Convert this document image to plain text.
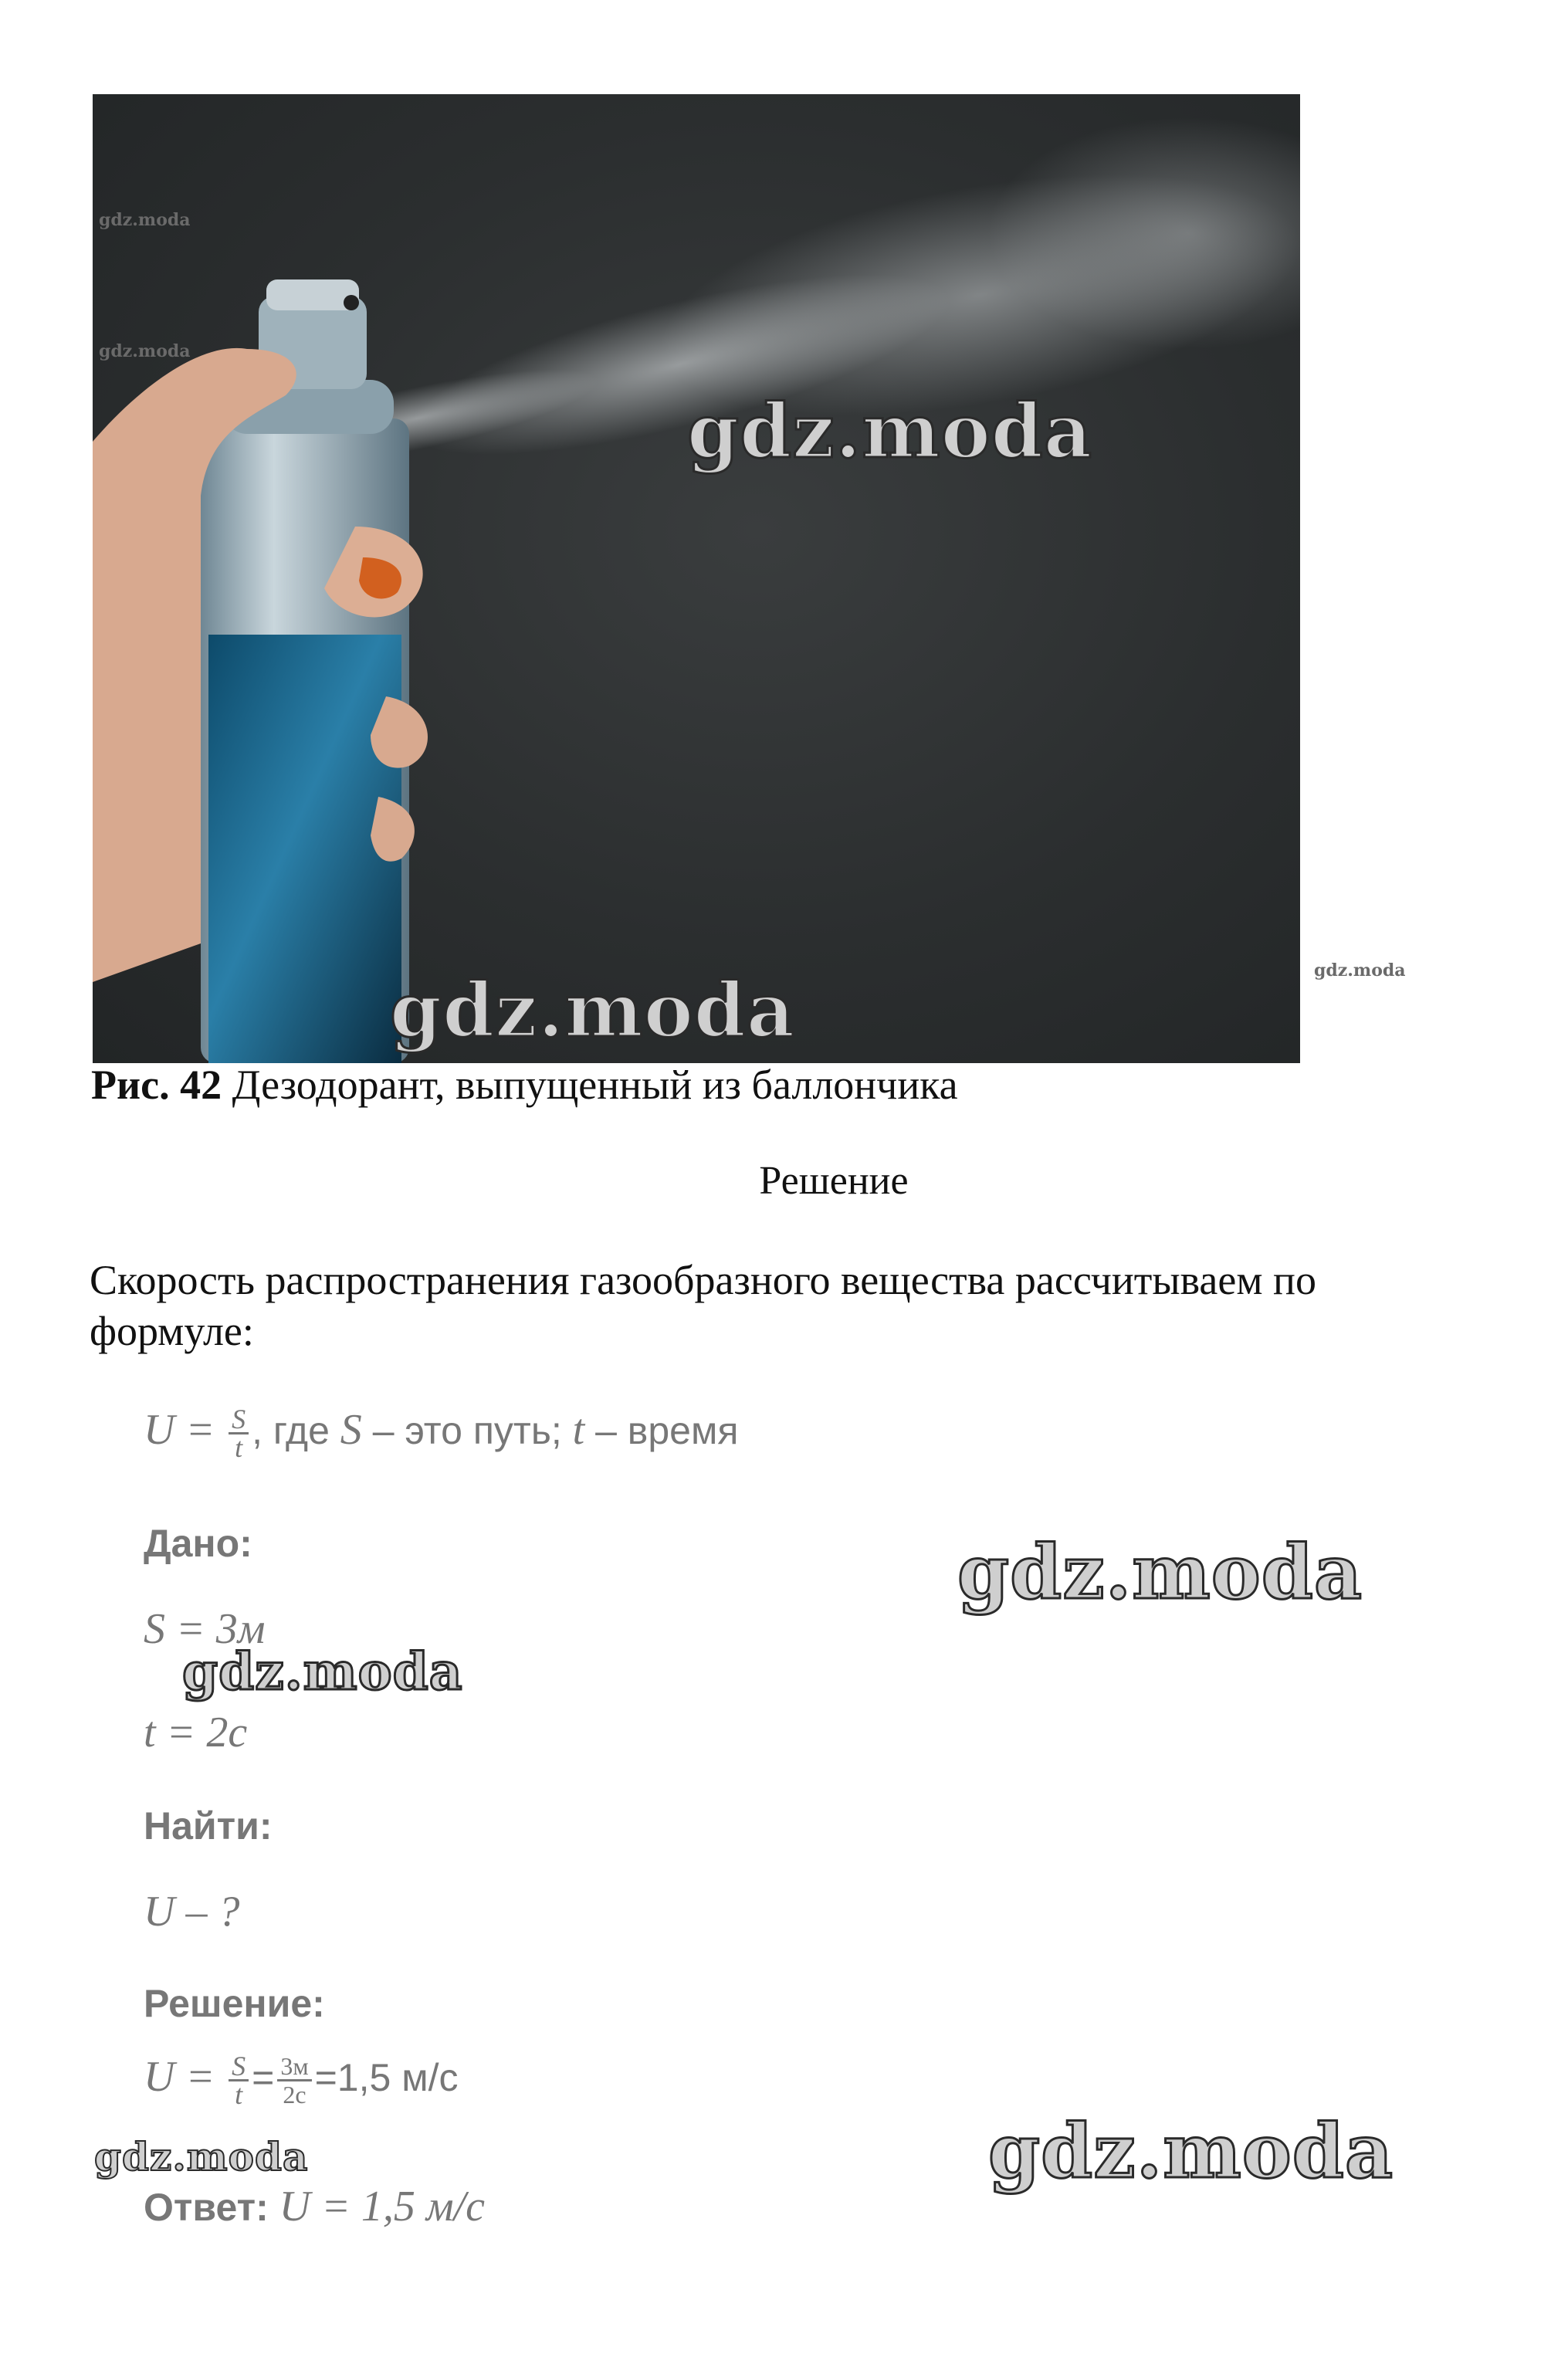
gdz.moda
gdz.moda
gdz.moda
gdz.moda	gdz.moda
Рис. 42 Дезодорант, выпущенный из баллончика
Решение
Скорость распространения газообразного вещества рассчитываем по формуле:
$U = \frac{S}{t}$ , где S – это путь; t – время
Дано:
S = 3м
t = 2с
Найти:
U – ?
Решение:
$U = \frac{S}{t} = \frac{3м}{2с} =1,5$ м/с
Ответ: U = 1,5 м/с
gdz.moda
gdz.moda
gdz.moda	gdz.moda
